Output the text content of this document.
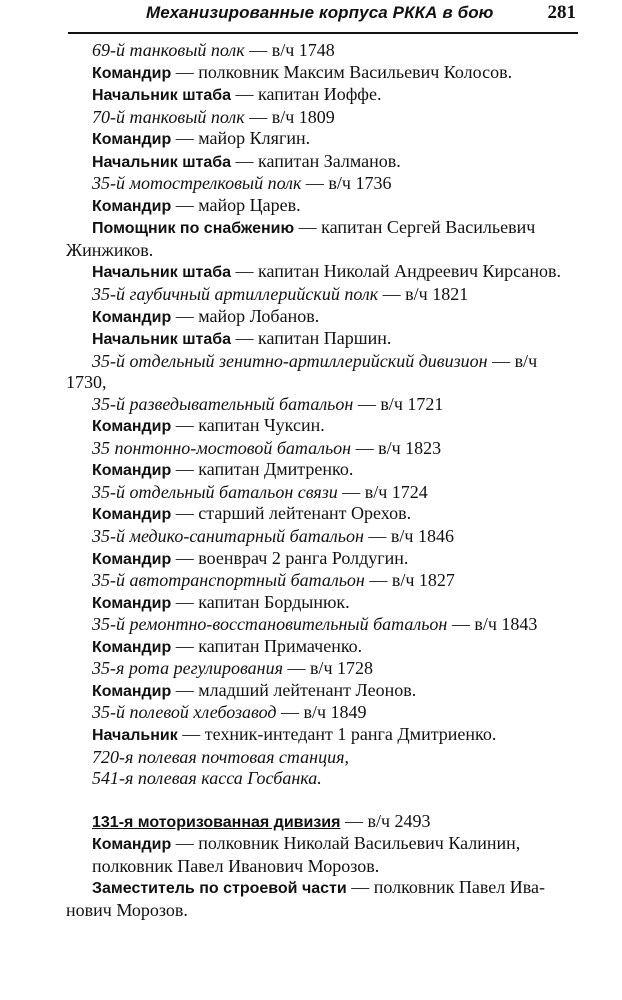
Механизированные корпуса РККА в бою	281

69-й танковый полк — в/ч 1748

Командир — полковник Максим Васильевич Колосов.

Начальник штаба — капитан Иоффе.

70-й танковый полк — в/ч 1809

Командир — майор Клягин.

Начальник штаба — капитан Залманов.

35-й мотострелковый полк — в/ч 1736

Командир — майор Царев.

Помощник по снабжению — капитан Сергей Васильевич

Жинжиков.

Начальник штаба — капитан Николай Андреевич Кирсанов.

35-й гаубичный артиллерийский полк — в/ч 1821

Командир — майор Лобанов.

Начальник штаба — капитан Паршин.

35-й отдельный зенитно-артиллерийский дивизион — в/ч

1730,

35-й разведывательный батальон — в/ч 1721

Командир — капитан Чуксин.

35 понтонно-мостовой батальон — в/ч 1823

Командир — капитан Дмитренко.

35-й отдельный батальон связи — в/ч 1724

Командир — старший лейтенант Орехов.

35-й медико-санитарный батальон — в/ч 1846

Командир — военврач 2 ранга Ролдугин.

35-й автотранспортный батальон — в/ч 1827

Командир — капитан Бордынюк.

35-й ремонтно-восстановительный батальон — в/ч 1843

Командир — капитан Примаченко.

35-я рота регулирования — в/ч 1728

Командир — младший лейтенант Леонов.

35-й полевой хлебозавод — в/ч 1849

Начальник — техник-интедант 1 ранга Дмитриенко.

720-я полевая почтовая станция,

541-я полевая касса Госбанка.

131-я моторизованная дивизия — в/ч 2493

Командир — полковник Николай Васильевич Калинин,

полковник Павел Иванович Морозов.

Заместитель по строевой части — полковник Павел Ива-

нович Морозов.
